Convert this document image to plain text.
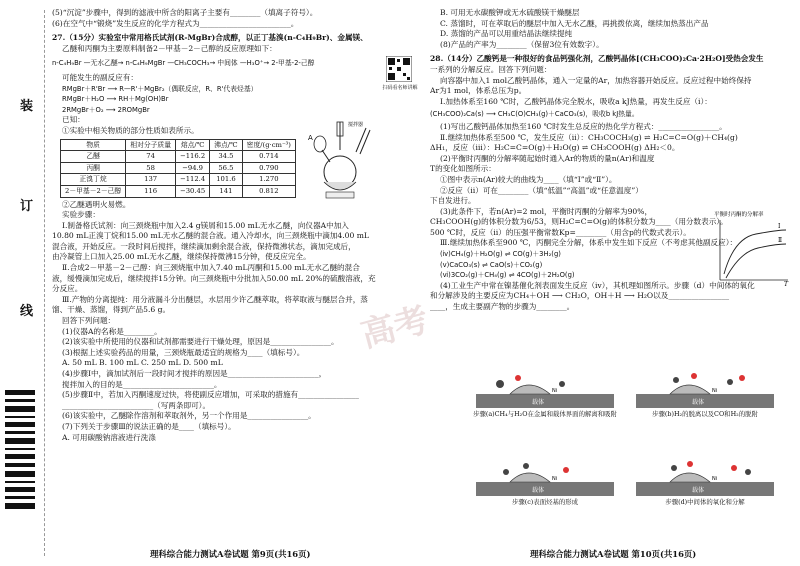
装
订
线
(5)“沉淀”步骤中，得到的滤液中所含的阳离子主要有________（填离子符号）。
(6)在空气中“锻烧”发生反应的化学方程式为________________________。
27.（15分）实验室中常用格氏试剂(R-MgBr)合成醇，以正丁基溴(n-C₄H₉Br)、金属镁、
乙醚和丙酮为主要原料制备2－甲基－2－己醇的反应原理如下：
n-C₄H₉Br —无水乙醚→ n-C₄H₉MgBr —CH₃COCH₃→ 中间体 —H₃O⁺→ 2-甲基-2-己醇
可能发生的副反应有：
RMgBr＋R'Br ⟶ R—R'＋MgBr₂（偶联反应，R、R'代表烃基）
RMgBr＋H₂O ⟶ RH＋Mg(OH)Br
2RMgBr＋O₂ ⟶ 2ROMgBr
已知：
①实验中相关物质的部分性质如表所示。
物质	相对分子质量	熔点/℃	沸点/℃	密度/(g·cm⁻³)
乙醚	74	−116.2	34.5	0.714
丙酮	58	−94.9	56.5	0.790
正溴丁烷	137	−112.4	101.6	1.270
2－甲基－2－己醇	116	−30.45	141	0.812
②乙醚遇明火易燃。
实验步骤：
Ⅰ.制备格氏试剂：向三颈烧瓶中加入2.4 g镁屑和15.00 mL无水乙醚，向仪器A中加入
10.80 mL正溴丁烷和15.00 mL无水乙醚的混合液。通入冷却水，向三颈烧瓶中滴加4.00 mL
混合液，开始反应。一段时间后搅拌，继续滴加剩余混合液，保持微沸状态，滴加完成后，
由冷凝管上口加入25.00 mL无水乙醚，继续保持微沸15分钟，使反应完全。
Ⅱ.合成2－甲基－2－己醇：向三颈烧瓶中加入7.40 mL丙酮和15.00 mL无水乙醚的混合
液，缓慢滴加完成后，继续搅拌15分钟。向三颈烧瓶中分批加入50.00 mL 20%的硫酸溶液，充
分反应。
Ⅲ.产物的分离提纯：用分液漏斗分出醚层，水层用少许乙醚萃取，将萃取液与醚层合并，蒸
馏、干燥、蒸馏，得到产品5.6 g。
回答下列问题：
(1)仪器A的名称是________。
(2)该实验中所使用的仪器和试剂都需要进行干燥处理，原因是________________。
(3)根据上述实验药品的用量，三颈烧瓶最适宜的规格为____（填标号）。
A. 50 mL B. 100 mL C. 250 mL D. 500 mL
(4)步骤Ⅰ中，滴加试剂后一段时间才搅拌的原因是________________________，
搅拌加入的目的是________________________。
(5)步骤Ⅱ中，若加入丙酮速度过快，将使副反应增加，可采取的措施有________________
________________________（写两条即可）。
(6)该实验中，乙醚除作溶剂和萃取剂外，另一个作用是________________。
(7)下列关于步骤Ⅲ的说法正确的是____（填标号）。
A. 可用碳酸钠溶液进行洗涤
A
搅拌器
扫码看名师讲解
B. 可用无水碳酸钾或无水硫酸镁干燥醚层
C. 蒸馏时，可在萃取后的醚层中加入无水乙醚，再挑拨依离，继续加热蒸出产品
D. 蒸馏的产品可以用重结晶法继续提纯
(8)产品的产率为________（保留3位有效数字）。
28.（14分）乙酸钙是一种很好的食品钙强化剂，乙酸钙晶体[(CH₃COO)₂Ca·2H₂O]受热会发生
一系列的分解反应。回答下列问题：
向容器中加入1 mol乙酸钙晶体，通入一定量的Ar，加热容器开始反应。反应过程中始终保持
Ar为1 mol，体系总压为p。
Ⅰ.加热体系至160 ℃时，乙酸钙晶体完全脱水，吸收a kJ热量，再发生反应（ⅰ）：
(CH₃COO)₂Ca(s) ⟶ CH₃C(O)CH₃(g)＋CaCO₃(s)，吸收b kJ热量。
(1)写出乙酸钙晶体加热至160 ℃时发生总反应的热化学方程式：________________。
Ⅱ.继续加热体系至500 ℃，发生反应（ⅱ）：CH₃COCH₃(g) ⇌ H₂C=C=O(g)＋CH₄(g)
ΔH₁，反应（ⅲ）：H₂C=C=O(g)＋H₂O(g) ⇌ CH₃COOH(g) ΔH₂＜0。
(2)平衡时丙酮的分解率随起始时通入Ar的物质的量n(Ar)和温度
T的变化如图所示：
①图中表示n(Ar)较大的曲线为____（填“Ⅰ”或“Ⅱ”）。
②反应（ⅱ）可在________（填“低温”“高温”或“任意温度”）
下自发进行。
(3)此条件下，若n(Ar)=2 mol，平衡时丙酮的分解率为90%，
CH₃COOH(g)的体积分数为6/53，则H₂C=C=O(g)的体积分数为____（用分数表示）。
500 ℃时，反应（ⅱ）的压强平衡常数Kp=________（用含p的代数式表示）。
Ⅲ.继续加热体系至900 ℃，丙酮完全分解，体系中发生如下反应（不考虑其他副反应）：
(ⅳ)CH₄(g)＋H₂O(g) ⇌ CO(g)＋3H₂(g)
(ⅴ)CaCO₃(s) ⇌ CaO(s)＋CO₂(g)
(ⅵ)3CO₂(g)＋CH₄(g) ⇌ 4CO(g)＋2H₂O(g)
(4)工业生产中常在镍基催化剂表面发生反应（ⅳ），其机理如图所示。步骤（d）中间体的氧化
和分解涉及的主要反应为CH₄＋OH ⟶ CH₂O，OH＋H ⟶ H₂O以及________________
____，生成主要副产物的步骤为________。
平衡时丙酮的分解率
Ⅰ
Ⅱ
T
载体
Ni
步骤(a)CH₄与H₂O在金属和载体界面的解离和吸附
载体
Ni
步骤(b)H₂的脱离以及CO和H₂的脱附
载体
Ni
步骤(c)表面烃基的形成
载体
Ni
步骤(d)中间体的氧化和分解
高考
理科综合能力测试A卷试题 第9页(共16页)	理科综合能力测试A卷试题 第10页(共16页)
